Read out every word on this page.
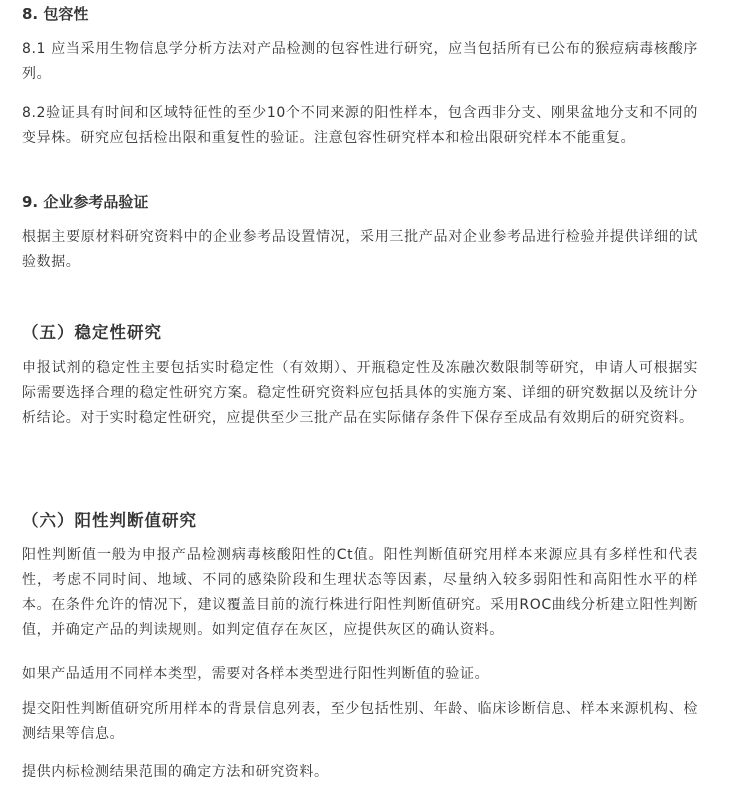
8. 包容性

8.1 应当采用生物信息学分析方法对产品检测的包容性进行研究，应当包括所有已公布的猴痘病毒核酸序列。

8.2验证具有时间和区域特征性的至少10个不同来源的阳性样本，包含西非分支、刚果盆地分支和不同的变异株。研究应包括检出限和重复性的验证。注意包容性研究样本和检出限研究样本不能重复。

9. 企业参考品验证

根据主要原材料研究资料中的企业参考品设置情况，采用三批产品对企业参考品进行检验并提供详细的试验数据。

（五）稳定性研究

申报试剂的稳定性主要包括实时稳定性（有效期）、开瓶稳定性及冻融次数限制等研究，申请人可根据实际需要选择合理的稳定性研究方案。稳定性研究资料应包括具体的实施方案、详细的研究数据以及统计分析结论。对于实时稳定性研究，应提供至少三批产品在实际储存条件下保存至成品有效期后的研究资料。

（六）阳性判断值研究

阳性判断值一般为申报产品检测病毒核酸阳性的Ct值。阳性判断值研究用样本来源应具有多样性和代表性，考虑不同时间、地域、不同的感染阶段和生理状态等因素，尽量纳入较多弱阳性和高阳性水平的样本。在条件允许的情况下，建议覆盖目前的流行株进行阳性判断值研究。采用ROC曲线分析建立阳性判断值，并确定产品的判读规则。如判定值存在灰区，应提供灰区的确认资料。

如果产品适用不同样本类型，需要对各样本类型进行阳性判断值的验证。

提交阳性判断值研究所用样本的背景信息列表，至少包括性别、年龄、临床诊断信息、样本来源机构、检测结果等信息。

提供内标检测结果范围的确定方法和研究资料。
